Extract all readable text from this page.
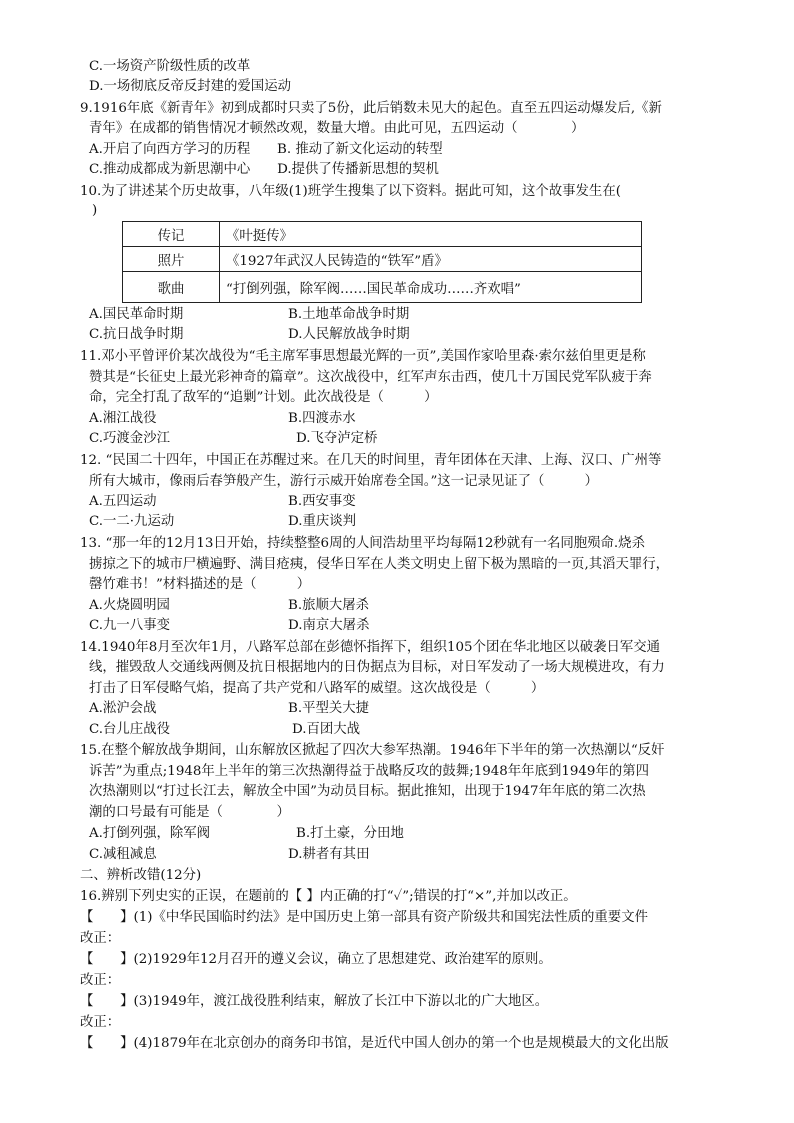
C.一场资产阶级性质的改革
D.一场彻底反帝反封建的爱国运动
9.1916年底《新青年》初到成都时只卖了5份，此后销数未见大的起色。直至五四运动爆发后,《新
青年》在成都的销售情况才顿然改观，数量大增。由此可见，五四运动（　　　　）
A.开启了向西方学习的历程　　B. 推动了新文化运动的转型
C.推动成都成为新思潮中心　　D.提供了传播新思想的契机
10.为了讲述某个历史故事，八年级(1)班学生搜集了以下资料。据此可知，这个故事发生在(
)
传记	《叶挺传》
照片	《1927年武汉人民铸造的“铁军”盾》
歌曲	“打倒列强，除军阀……国民革命成功……齐欢唱”
A.国民革命时期	B.土地革命战争时期
C.抗日战争时期	D.人民解放战争时期
11.邓小平曾评价某次战役为“毛主席军事思想最光辉的一页”,美国作家哈里森·索尔兹伯里更是称
赞其是“长征史上最光彩神奇的篇章”。这次战役中，红军声东击西，使几十万国民党军队疲于奔
命，完全打乱了敌军的“追剿”计划。此次战役是（　　　）
A.湘江战役	B.四渡赤水
C.巧渡金沙江	D.飞夺泸定桥
12. “民国二十四年，中国正在苏醒过来。在几天的时间里，青年团体在天津、上海、汉口、广州等
所有大城市，像雨后春笋般产生，游行示威开始席卷全国。”这一记录见证了（　　　）
A.五四运动	B.西安事变
C.一二·九运动	D.重庆谈判
13. “那一年的12月13日开始，持续整整6周的人间浩劫里平均每隔12秒就有一名同胞殒命.烧杀
掳掠之下的城市尸横遍野、满目疮痍，侵华日军在人类文明史上留下极为黑暗的一页,其滔天罪行，
罄竹难书！”材料描述的是（　　　）
A.火烧圆明园	B.旅顺大屠杀
C.九一八事变	D.南京大屠杀
14.1940年8月至次年1月，八路军总部在彭德怀指挥下，组织105个团在华北地区以破袭日军交通
线，摧毁敌人交通线两侧及抗日根据地内的日伪据点为目标，对日军发动了一场大规模进攻，有力
打击了日军侵略气焰，提高了共产党和八路军的威望。这次战役是（　　　）
A.淞沪会战	B.平型关大捷
C.台儿庄战役	D.百团大战
15.在整个解放战争期间，山东解放区掀起了四次大参军热潮。1946年下半年的第一次热潮以“反奸
诉苦”为重点;1948年上半年的第三次热潮得益于战略反攻的鼓舞;1948年年底到1949年的第四
次热潮则以“打过长江去，解放全中国”为动员目标。据此推知，出现于1947年年底的第二次热
潮的口号最有可能是（　　　　）
A.打倒列强，除军阀	B.打土豪，分田地
C.减租减息	D.耕者有其田
二、辨析改错(12分)
16.辨别下列史实的正误，在题前的【 】内正确的打“✓”;错误的打“×”,并加以改正。
【　　】(1)《中华民国临时约法》是中国历史上第一部具有资产阶级共和国宪法性质的重要文件
改正：
【　　】(2)1929年12月召开的遵义会议，确立了思想建党、政治建军的原则。
改正：
【　　】(3)1949年，渡江战役胜利结束，解放了长江中下游以北的广大地区。
改正：
【　　】(4)1879年在北京创办的商务印书馆，是近代中国人创办的第一个也是规模最大的文化出版
